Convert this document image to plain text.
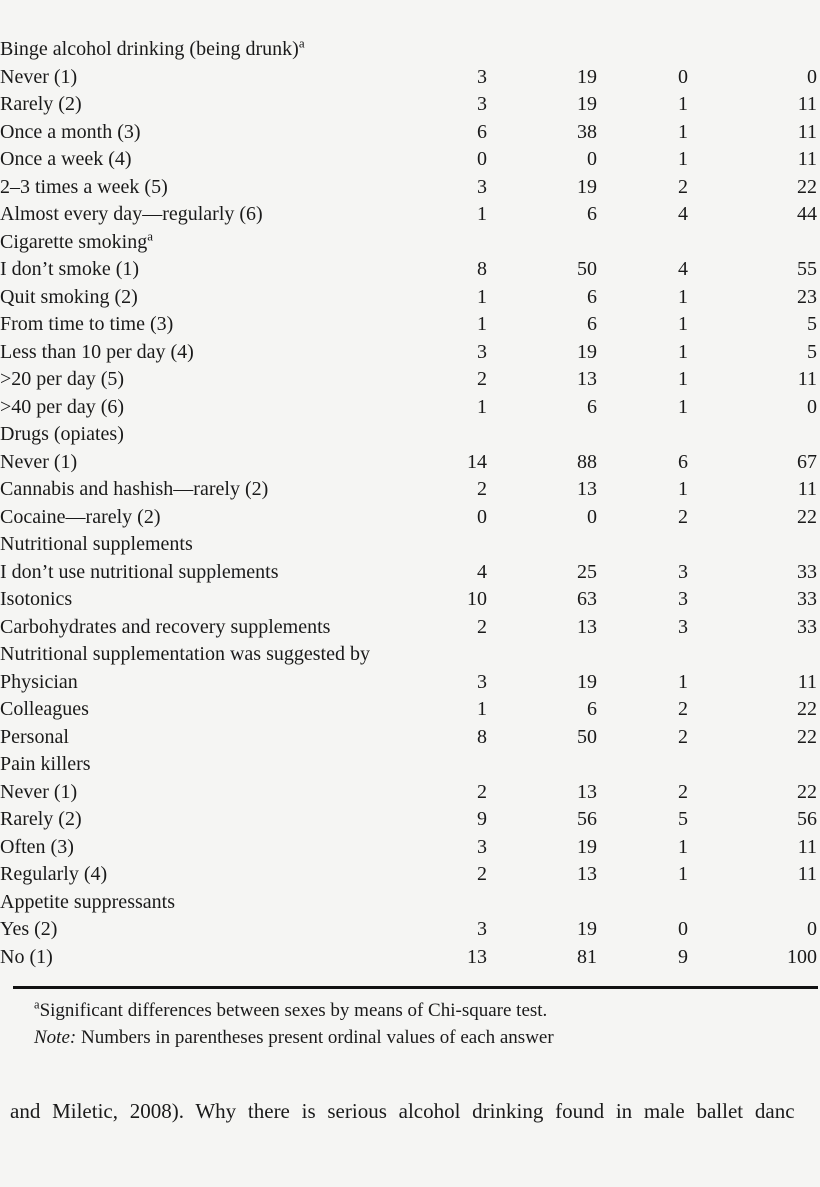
Binge alcohol drinking (being drunk)$^a$
Never (1)	3	19	0	0
Rarely (2)	3	19	1	11
Once a month (3)	6	38	1	11
Once a week (4)	0	0	1	11
2–3 times a week (5)	3	19	2	22
Almost every day—regularly (6)	1	6	4	44
Cigarette smoking$^a$
I don’t smoke (1)	8	50	4	55
Quit smoking (2)	1	6	1	23
From time to time (3)	1	6	1	5
Less than 10 per day (4)	3	19	1	5
>20 per day (5)	2	13	1	11
>40 per day (6)	1	6	1	0
Drugs (opiates)				
Never (1)	14	88	6	67
Cannabis and hashish—rarely (2)	2	13	1	11
Cocaine—rarely (2)	0	0	2	22
Nutritional supplements				
I don’t use nutritional supplements	4	25	3	33
Isotonics	10	63	3	33
Carbohydrates and recovery supplements	2	13	3	33
Nutritional supplementation was suggested by				
Physician	3	19	1	11
Colleagues	1	6	2	22
Personal	8	50	2	22
Pain killers				
Never (1)	2	13	2	22
Rarely (2)	9	56	5	56
Often (3)	3	19	1	11
Regularly (4)	2	13	1	11
Appetite suppressants				
Yes (2)	3	19	0	0
No (1)	13	81	9	100
$^a$Significant differences between sexes by means of Chi-square test.
Note: Numbers in parentheses present ordinal values of each answer
and Miletic, 2008). Why there is serious alcohol drinking found in male ballet danc
